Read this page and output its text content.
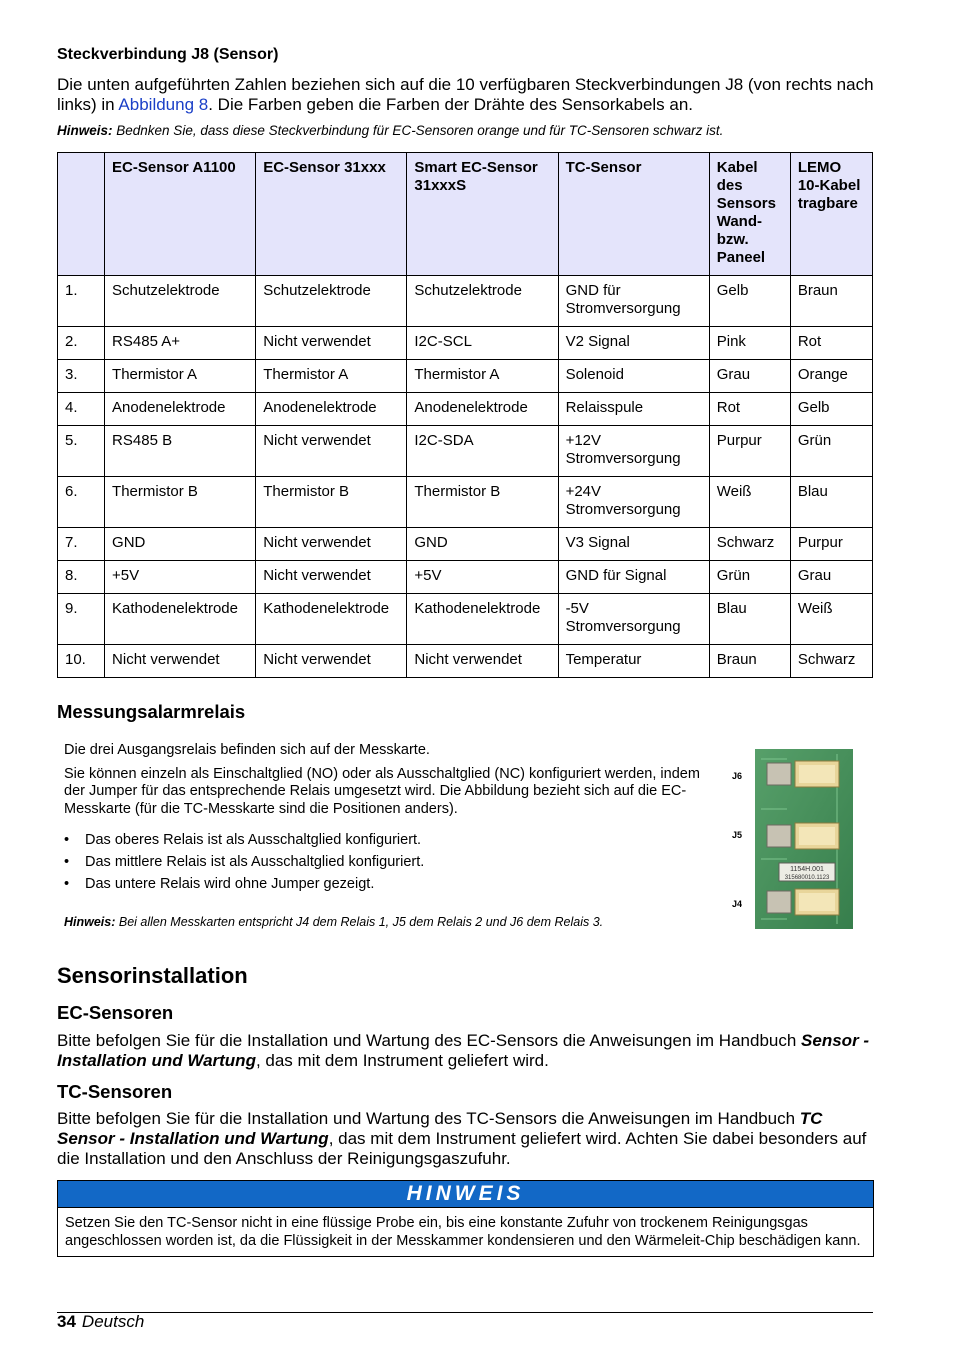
Steckverbindung J8 (Sensor)
Die unten aufgeführten Zahlen beziehen sich auf die 10 verfügbaren Steckverbindungen J8 (von rechts nach links) in Abbildung 8. Die Farben geben die Farben der Drähte des Sensorkabels an.
Hinweis: Bednken Sie, dass diese Steckverbindung für EC-Sensoren orange und für TC-Sensoren schwarz ist.
	EC-Sensor A1100	EC-Sensor 31xxx	Smart EC-Sensor 31xxxS	TC-Sensor	Kabel des Sensors Wand- bzw. Paneel	LEMO 10-Kabel tragbare
1.	Schutzelektrode	Schutzelektrode	Schutzelektrode	GND für Stromversorgung	Gelb	Braun
2.	RS485 A+	Nicht verwendet	I2C-SCL	V2 Signal	Pink	Rot
3.	Thermistor A	Thermistor A	Thermistor A	Solenoid	Grau	Orange
4.	Anodenelektrode	Anodenelektrode	Anodenelektrode	Relaisspule	Rot	Gelb
5.	RS485 B	Nicht verwendet	I2C-SDA	+12V Stromversorgung	Purpur	Grün
6.	Thermistor B	Thermistor B	Thermistor B	+24V Stromversorgung	Weiß	Blau
7.	GND	Nicht verwendet	GND	V3 Signal	Schwarz	Purpur
8.	+5V	Nicht verwendet	+5V	GND für Signal	Grün	Grau
9.	Kathodenelektrode	Kathodenelektrode	Kathodenelektrode	-5V Stromversorgung	Blau	Weiß
10.	Nicht verwendet	Nicht verwendet	Nicht verwendet	Temperatur	Braun	Schwarz
Messungsalarmrelais

Die drei Ausgangsrelais befinden sich auf der Messkarte.

Sie können einzeln als Einschaltglied (NO) oder als Ausschaltglied (NC) konfiguriert werden, indem der Jumper für das entsprechende Relais umgesetzt wird. Die Abbildung bezieht sich auf die EC-Messkarte (für die TC-Messkarte sind die Positionen anders).

• Das oberes Relais ist als Ausschaltglied konfiguriert.
• Das mittlere Relais ist als Ausschaltglied konfiguriert.
• Das untere Relais wird ohne Jumper gezeigt.
Hinweis: Bei allen Messkarten entspricht J4 dem Relais 1, J5 dem Relais 2 und J6 dem Relais 3.
1154H.001
315680010.1123
J6
J5
J4
Sensorinstallation
EC-Sensoren
Bitte befolgen Sie für die Installation und Wartung des EC-Sensors die Anweisungen im Handbuch Sensor - Installation und Wartung, das mit dem Instrument geliefert wird.
TC-Sensoren
Bitte befolgen Sie für die Installation und Wartung des TC-Sensors die Anweisungen im Handbuch TC Sensor - Installation und Wartung, das mit dem Instrument geliefert wird. Achten Sie dabei besonders auf die Installation und den Anschluss der Reinigungsgaszufuhr.
HINWEIS
Setzen Sie den TC-Sensor nicht in eine flüssige Probe ein, bis eine konstante Zufuhr von trockenem Reinigungsgas angeschlossen worden ist, da die Flüssigkeit in der Messkammer kondensieren und den Wärmeleit-Chip beschädigen kann.
34 Deutsch
